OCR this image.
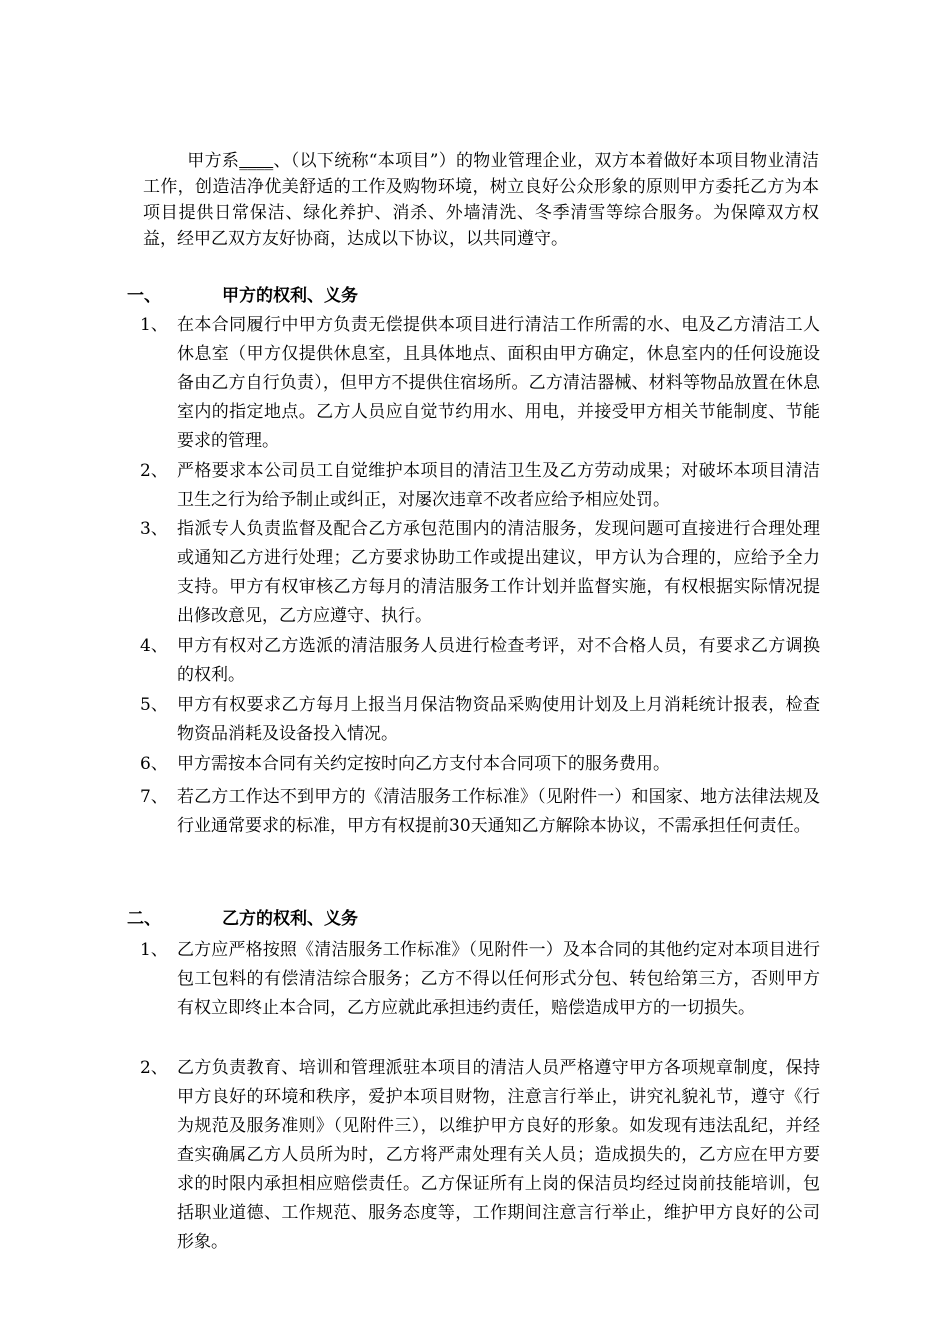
甲方系____、（以下统称“本项目”）的物业管理企业，双方本着做好本项目物业清洁工作，创造洁净优美舒适的工作及购物环境，树立良好公众形象的原则甲方委托乙方为本项目提供日常保洁、绿化养护、消杀、外墙清洗、冬季清雪等综合服务。为保障双方权益，经甲乙双方友好协商，达成以下协议，以共同遵守。

一、	甲方的权利、义务
1、 在本合同履行中甲方负责无偿提供本项目进行清洁工作所需的水、电及乙方清洁工人休息室（甲方仅提供休息室，且具体地点、面积由甲方确定，休息室内的任何设施设备由乙方自行负责），但甲方不提供住宿场所。乙方清洁器械、材料等物品放置在休息室内的指定地点。乙方人员应自觉节约用水、用电，并接受甲方相关节能制度、节能要求的管理。

2、 严格要求本公司员工自觉维护本项目的清洁卫生及乙方劳动成果；对破坏本项目清洁卫生之行为给予制止或纠正，对屡次违章不改者应给予相应处罚。

3、 指派专人负责监督及配合乙方承包范围内的清洁服务，发现问题可直接进行合理处理或通知乙方进行处理；乙方要求协助工作或提出建议，甲方认为合理的，应给予全力支持。甲方有权审核乙方每月的清洁服务工作计划并监督实施，有权根据实际情况提出修改意见，乙方应遵守、执行。

4、 甲方有权对乙方选派的清洁服务人员进行检查考评，对不合格人员，有要求乙方调换的权利。

5、 甲方有权要求乙方每月上报当月保洁物资品采购使用计划及上月消耗统计报表，检查物资品消耗及设备投入情况。

6、 甲方需按本合同有关约定按时向乙方支付本合同项下的服务费用。

7、 若乙方工作达不到甲方的《清洁服务工作标准》（见附件一）和国家、地方法律法规及行业通常要求的标准，甲方有权提前30天通知乙方解除本协议，不需承担任何责任。

二、	乙方的权利、义务
1、 乙方应严格按照《清洁服务工作标准》（见附件一）及本合同的其他约定对本项目进行包工包料的有偿清洁综合服务；乙方不得以任何形式分包、转包给第三方，否则甲方有权立即终止本合同，乙方应就此承担违约责任，赔偿造成甲方的一切损失。

2、 乙方负责教育、培训和管理派驻本项目的清洁人员严格遵守甲方各项规章制度，保持甲方良好的环境和秩序，爱护本项目财物，注意言行举止，讲究礼貌礼节，遵守《行为规范及服务准则》（见附件三），以维护甲方良好的形象。如发现有违法乱纪，并经查实确属乙方人员所为时，乙方将严肃处理有关人员；造成损失的，乙方应在甲方要求的时限内承担相应赔偿责任。乙方保证所有上岗的保洁员均经过岗前技能培训，包括职业道德、工作规范、服务态度等，工作期间注意言行举止，维护甲方良好的公司形象。
